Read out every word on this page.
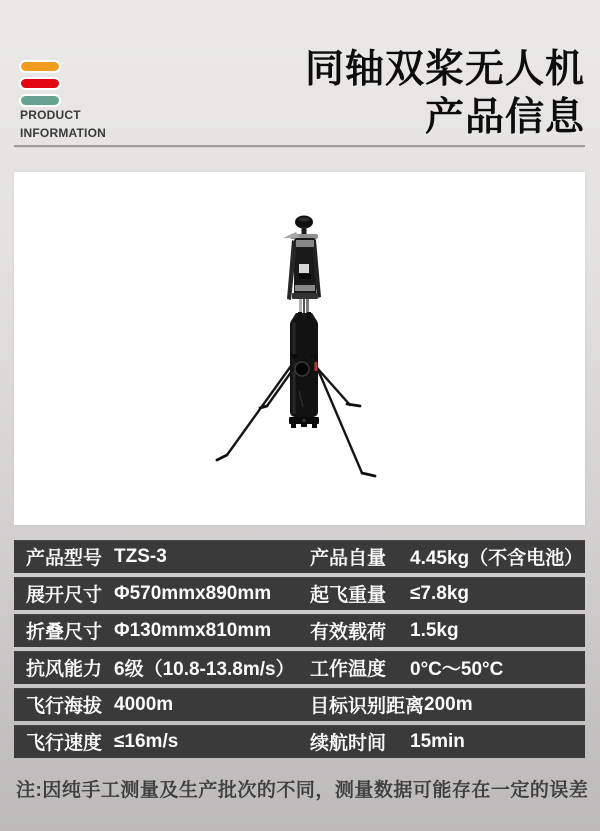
PRODUCT INFORMATION
同轴双桨无人机
产品信息
产品型号 TZS-3	产品自量	4.45kg（不含电池）
展开尺寸 Φ570mmx890mm	起飞重量	≤7.8kg
折叠尺寸 Φ130mmx810mm	有效载荷	1.5kg
抗风能力 6级（10.8-13.8m/s） 工作温度	0°C～50°C
飞行海拔 4000m	目标识别距离 200m
飞行速度 ≤16m/s	续航时间	15min
注:因纯手工测量及生产批次的不同，测量数据可能存在一定的误差
